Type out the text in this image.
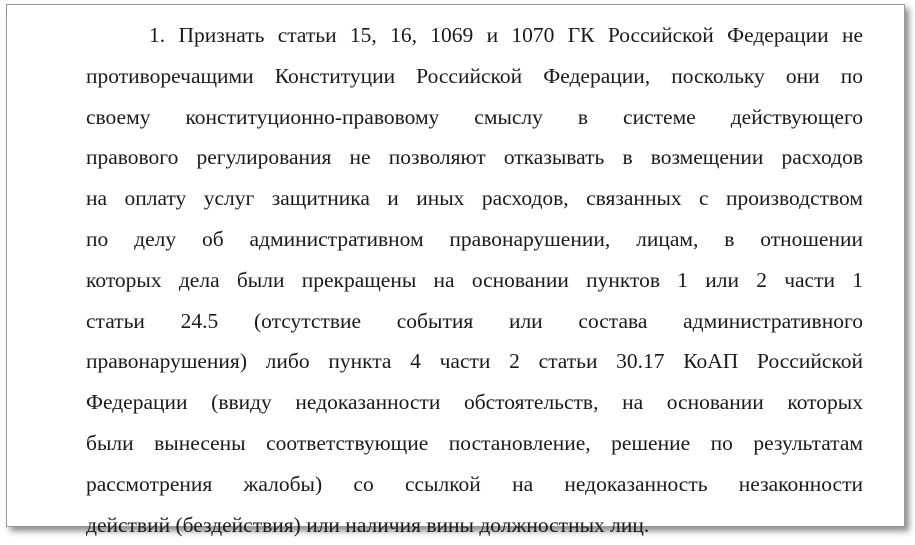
1. Признать статьи 15, 16, 1069 и 1070 ГК Российской Федерации не
противоречащими Конституции Российской Федерации, поскольку они по
своему конституционно-правовому смыслу в системе действующего
правового регулирования не позволяют отказывать в возмещении расходов
на оплату услуг защитника и иных расходов, связанных с производством
по делу об административном правонарушении, лицам, в отношении
которых дела были прекращены на основании пунктов 1 или 2 части 1
статьи 24.5 (отсутствие события или состава административного
правонарушения) либо пункта 4 части 2 статьи 30.17 КоАП Российской
Федерации (ввиду недоказанности обстоятельств, на основании которых
были вынесены соответствующие постановление, решение по результатам
рассмотрения жалобы) со ссылкой на недоказанность незаконности
действий (бездействия) или наличия вины должностных лиц.
